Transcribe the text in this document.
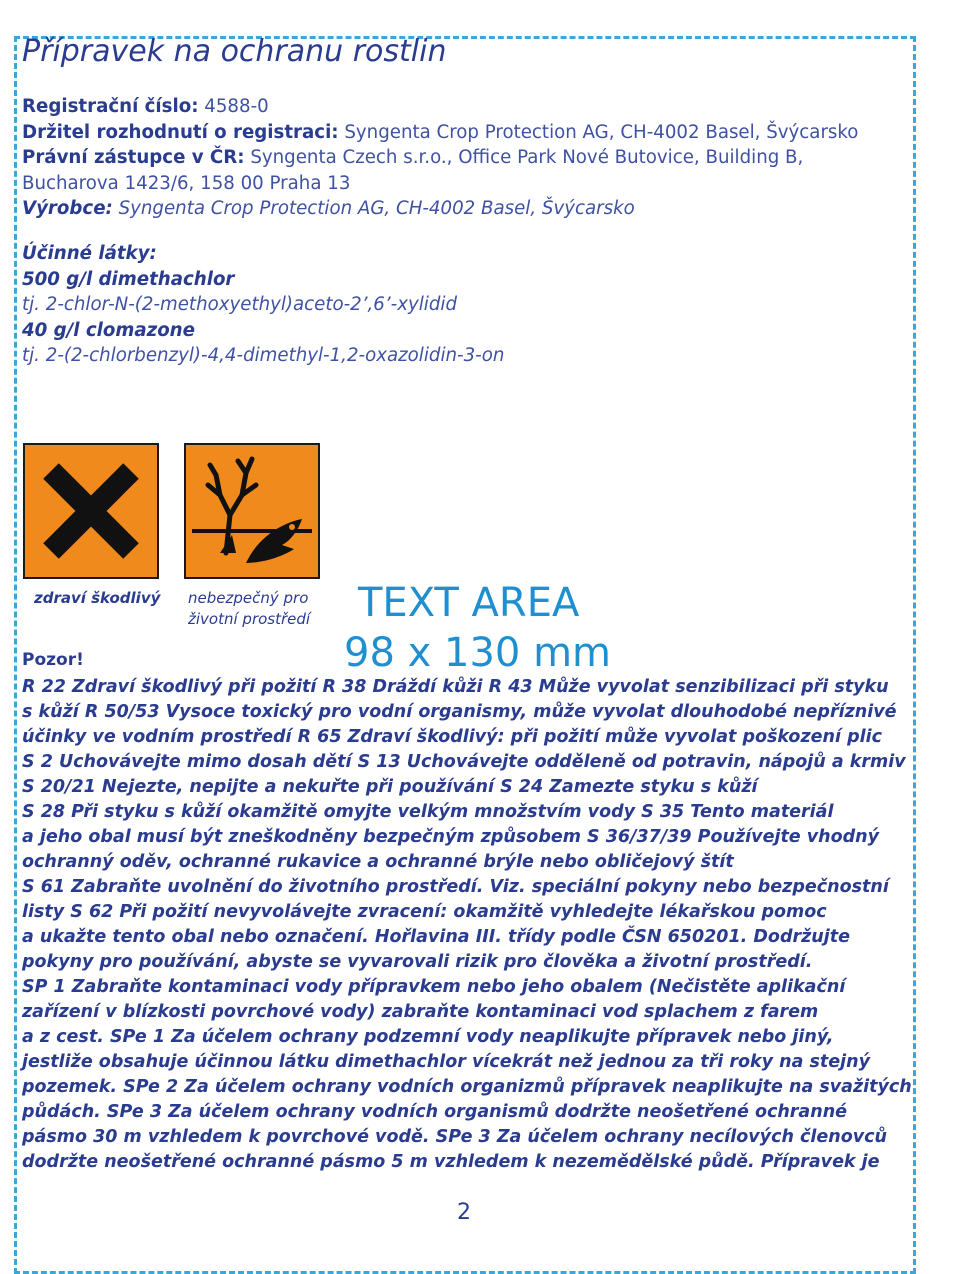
Přípravek na ochranu rostlin
Registrační číslo: 4588-0
Držitel rozhodnutí o registraci: Syngenta Crop Protection AG, CH-4002 Basel, Švýcarsko
Právní zástupce v ČR: Syngenta Czech s.r.o., Office Park Nové Butovice, Building B,
Bucharova 1423/6, 158 00 Praha 13
Výrobce: Syngenta Crop Protection AG, CH-4002 Basel, Švýcarsko
Účinné látky:
500 g/l dimethachlor
tj. 2-chlor-N-(2-methoxyethyl)aceto-2’,6’-xylidid
40 g/l clomazone
tj. 2-(2-chlorbenzyl)-4,4-dimethyl-1,2-oxazolidin-3-on
zdraví škodlivý nebezpečný pro
životní prostředí TEXT AREA
98 x 130 mm
Pozor!
R 22 Zdraví škodlivý při požití R 38 Dráždí kůži R 43 Může vyvolat senzibilizaci při styku
s kůží R 50/53 Vysoce toxický pro vodní organismy, může vyvolat dlouhodobé nepříznivé
účinky ve vodním prostředí R 65 Zdraví škodlivý: při požití může vyvolat poškození plic
S 2 Uchovávejte mimo dosah dětí S 13 Uchovávejte odděleně od potravin, nápojů a krmiv
S 20/21 Nejezte, nepijte a nekuřte při používání S 24 Zamezte styku s kůží
S 28 Při styku s kůží okamžitě omyjte velkým množstvím vody S 35 Tento materiál
a jeho obal musí být zneškodněny bezpečným způsobem S 36/37/39 Používejte vhodný
ochranný oděv, ochranné rukavice a ochranné brýle nebo obličejový štít
S 61 Zabraňte uvolnění do životního prostředí. Viz. speciální pokyny nebo bezpečnostní
listy S 62 Při požití nevyvolávejte zvracení: okamžitě vyhledejte lékařskou pomoc
a ukažte tento obal nebo označení. Hořlavina III. třídy podle ČSN 650201. Dodržujte
pokyny pro používání, abyste se vyvarovali rizik pro člověka a životní prostředí.
SP 1 Zabraňte kontaminaci vody přípravkem nebo jeho obalem (Nečistěte aplikační
zařízení v blízkosti povrchové vody) zabraňte kontaminaci vod splachem z farem
a z cest. SPe 1 Za účelem ochrany podzemní vody neaplikujte přípravek nebo jiný,
jestliže obsahuje účinnou látku dimethachlor vícekrát než jednou za tři roky na stejný
pozemek. SPe 2 Za účelem ochrany vodních organizmů přípravek neaplikujte na svažitých
půdách. SPe 3 Za účelem ochrany vodních organismů dodržte neošetřené ochranné
pásmo 30 m vzhledem k povrchové vodě. SPe 3 Za účelem ochrany necílových členovců
dodržte neošetřené ochranné pásmo 5 m vzhledem k nezemědělské půdě. Přípravek je
2
